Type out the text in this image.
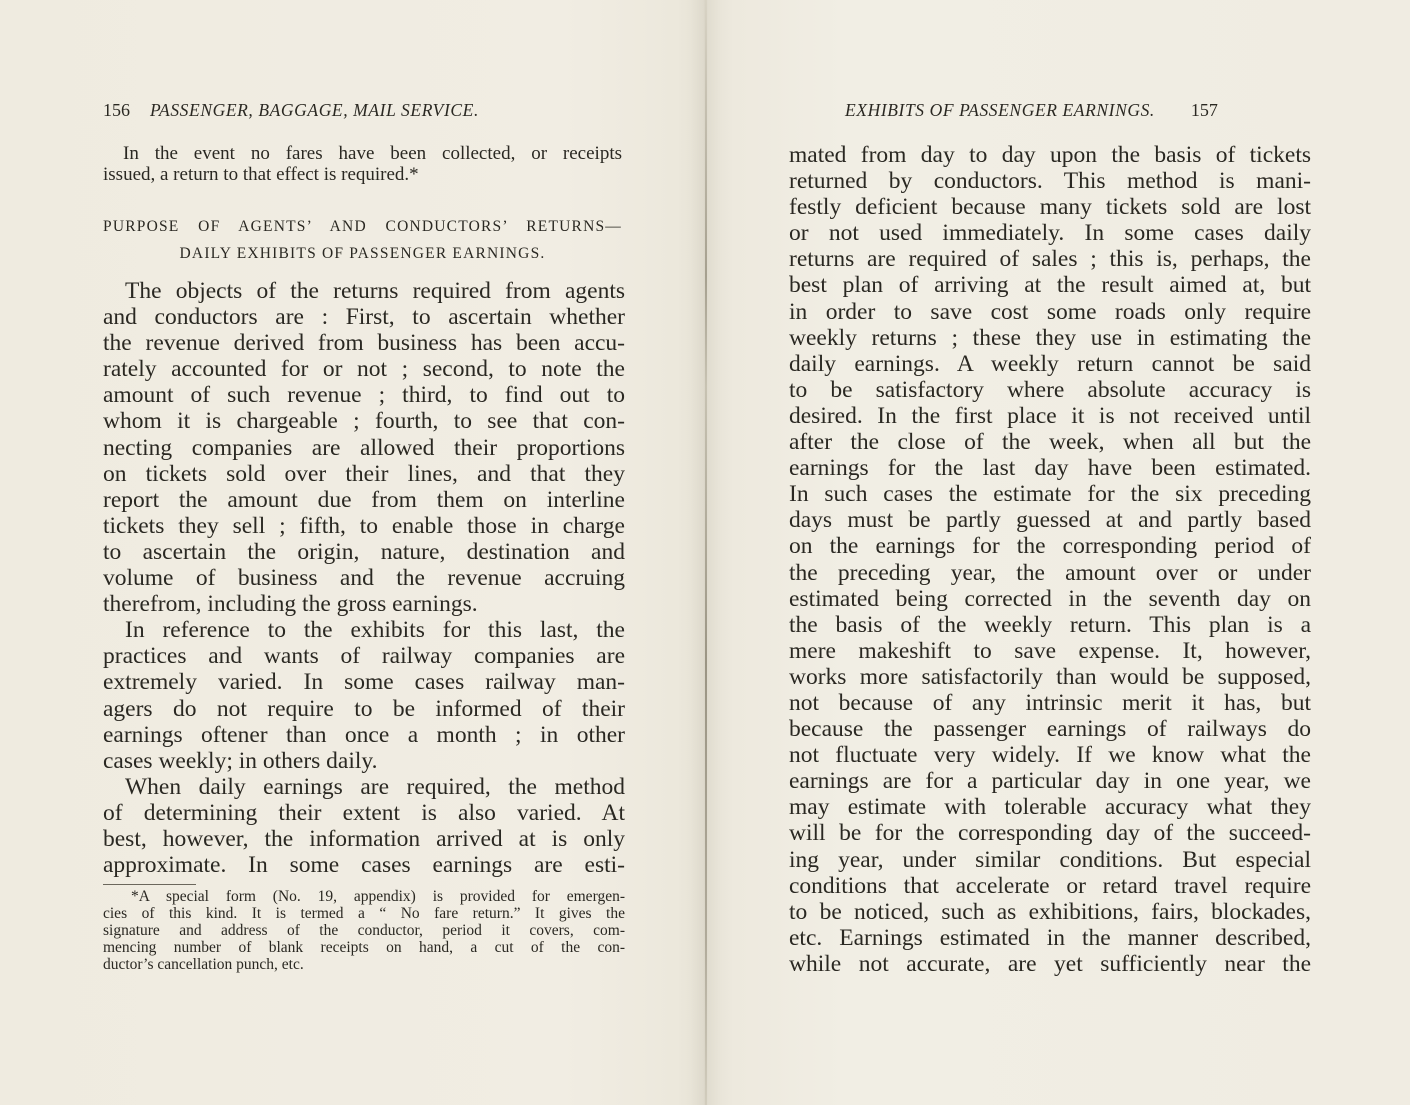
156 PASSENGER, BAGGAGE, MAIL SERVICE.
In the event no fares have been collected, or receipts
issued, a return to that effect is required.*
PURPOSE OF AGENTS’ AND CONDUCTORS’ RETURNS—
DAILY EXHIBITS OF PASSENGER EARNINGS.
The objects of the returns required from agents
and conductors are : First, to ascertain whether
the revenue derived from business has been accu-
rately accounted for or not ; second, to note the
amount of such revenue ; third, to find out to
whom it is chargeable ; fourth, to see that con-
necting companies are allowed their proportions
on tickets sold over their lines, and that they
report the amount due from them on interline
tickets they sell ; fifth, to enable those in charge
to ascertain the origin, nature, destination and
volume of business and the revenue accruing
therefrom, including the gross earnings.
In reference to the exhibits for this last, the
practices and wants of railway companies are
extremely varied. In some cases railway man-
agers do not require to be informed of their
earnings oftener than once a month ; in other
cases weekly; in others daily.
When daily earnings are required, the method
of determining their extent is also varied. At
best, however, the information arrived at is only
approximate. In some cases earnings are esti-
*A special form (No. 19, appendix) is provided for emergen-
cies of this kind. It is termed a “ No fare return.” It gives the
signature and address of the conductor, period it covers, com-
mencing number of blank receipts on hand, a cut of the con-
ductor’s cancellation punch, etc.
EXHIBITS OF PASSENGER EARNINGS. 157
mated from day to day upon the basis of tickets
returned by conductors. This method is mani-
festly deficient because many tickets sold are lost
or not used immediately. In some cases daily
returns are required of sales ; this is, perhaps, the
best plan of arriving at the result aimed at, but
in order to save cost some roads only require
weekly returns ; these they use in estimating the
daily earnings. A weekly return cannot be said
to be satisfactory where absolute accuracy is
desired. In the first place it is not received until
after the close of the week, when all but the
earnings for the last day have been estimated.
In such cases the estimate for the six preceding
days must be partly guessed at and partly based
on the earnings for the corresponding period of
the preceding year, the amount over or under
estimated being corrected in the seventh day on
the basis of the weekly return. This plan is a
mere makeshift to save expense. It, however,
works more satisfactorily than would be supposed,
not because of any intrinsic merit it has, but
because the passenger earnings of railways do
not fluctuate very widely. If we know what the
earnings are for a particular day in one year, we
may estimate with tolerable accuracy what they
will be for the corresponding day of the succeed-
ing year, under similar conditions. But especial
conditions that accelerate or retard travel require
to be noticed, such as exhibitions, fairs, blockades,
etc. Earnings estimated in the manner described,
while not accurate, are yet sufficiently near the
